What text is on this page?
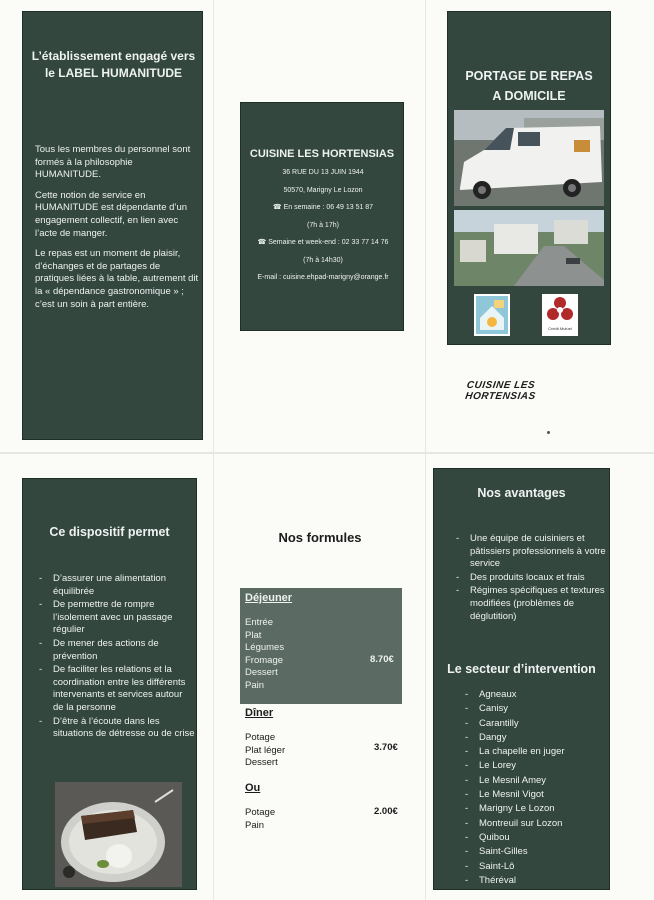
L’établissement engagé vers
le LABEL HUMANITUDE

Tous les membres du personnel sont formés à la philosophie HUMANITUDE.

Cette notion de service en HUMANITUDE est dépendante d’un engagement collectif, en lien avec l’acte de manger.

Le repas est un moment de plaisir, d’échanges et de partages de pratiques liées à la table, autrement dit la « dépendance gastronomique » ; c’est un soin à part entière.

CUISINE LES HORTENSIAS
36 RUE DU 13 JUIN 1944
50570, Marigny Le Lozon
☎ En semaine : 06 49 13 51 87
(7h à 17h)
☎ Semaine et week-end : 02 33 77 14 76
(7h à 14h30)
E-mail : cuisine.ehpad-marigny@orange.fr
PORTAGE DE REPAS
A DOMICILE
Crédit Mutuel
CUISINE LES HORTENSIAS
Ce dispositif permet
- D’assurer une alimentation équilibrée
- De permettre de rompre l’isolement avec un passage régulier
- De mener des actions de prévention
- De faciliter les relations et la coordination entre les différents intervenants et services autour de la personne
- D’être à l’écoute dans les situations de détresse ou de crise
Nos formules
Déjeuner
Entrée
Plat
Légumes
Fromage
Dessert
Pain
8.70€
Dîner
Potage
Plat léger
Dessert
3.70€
Ou
Potage
Pain
2.00€
Nos avantages
- Une équipe de cuisiniers et pâtissiers professionnels à votre service
- Des produits locaux et frais
- Régimes spécifiques et textures modifiées (problèmes de déglutition)
Le secteur d’intervention
- Agneaux
- Canisy
- Carantilly
- Dangy
- La chapelle en juger
- Le Lorey
- Le Mesnil Amey
- Le Mesnil Vigot
- Marigny Le Lozon
- Montreuil sur Lozon
- Quibou
- Saint-Gilles
- Saint-Lô
- Théréval
